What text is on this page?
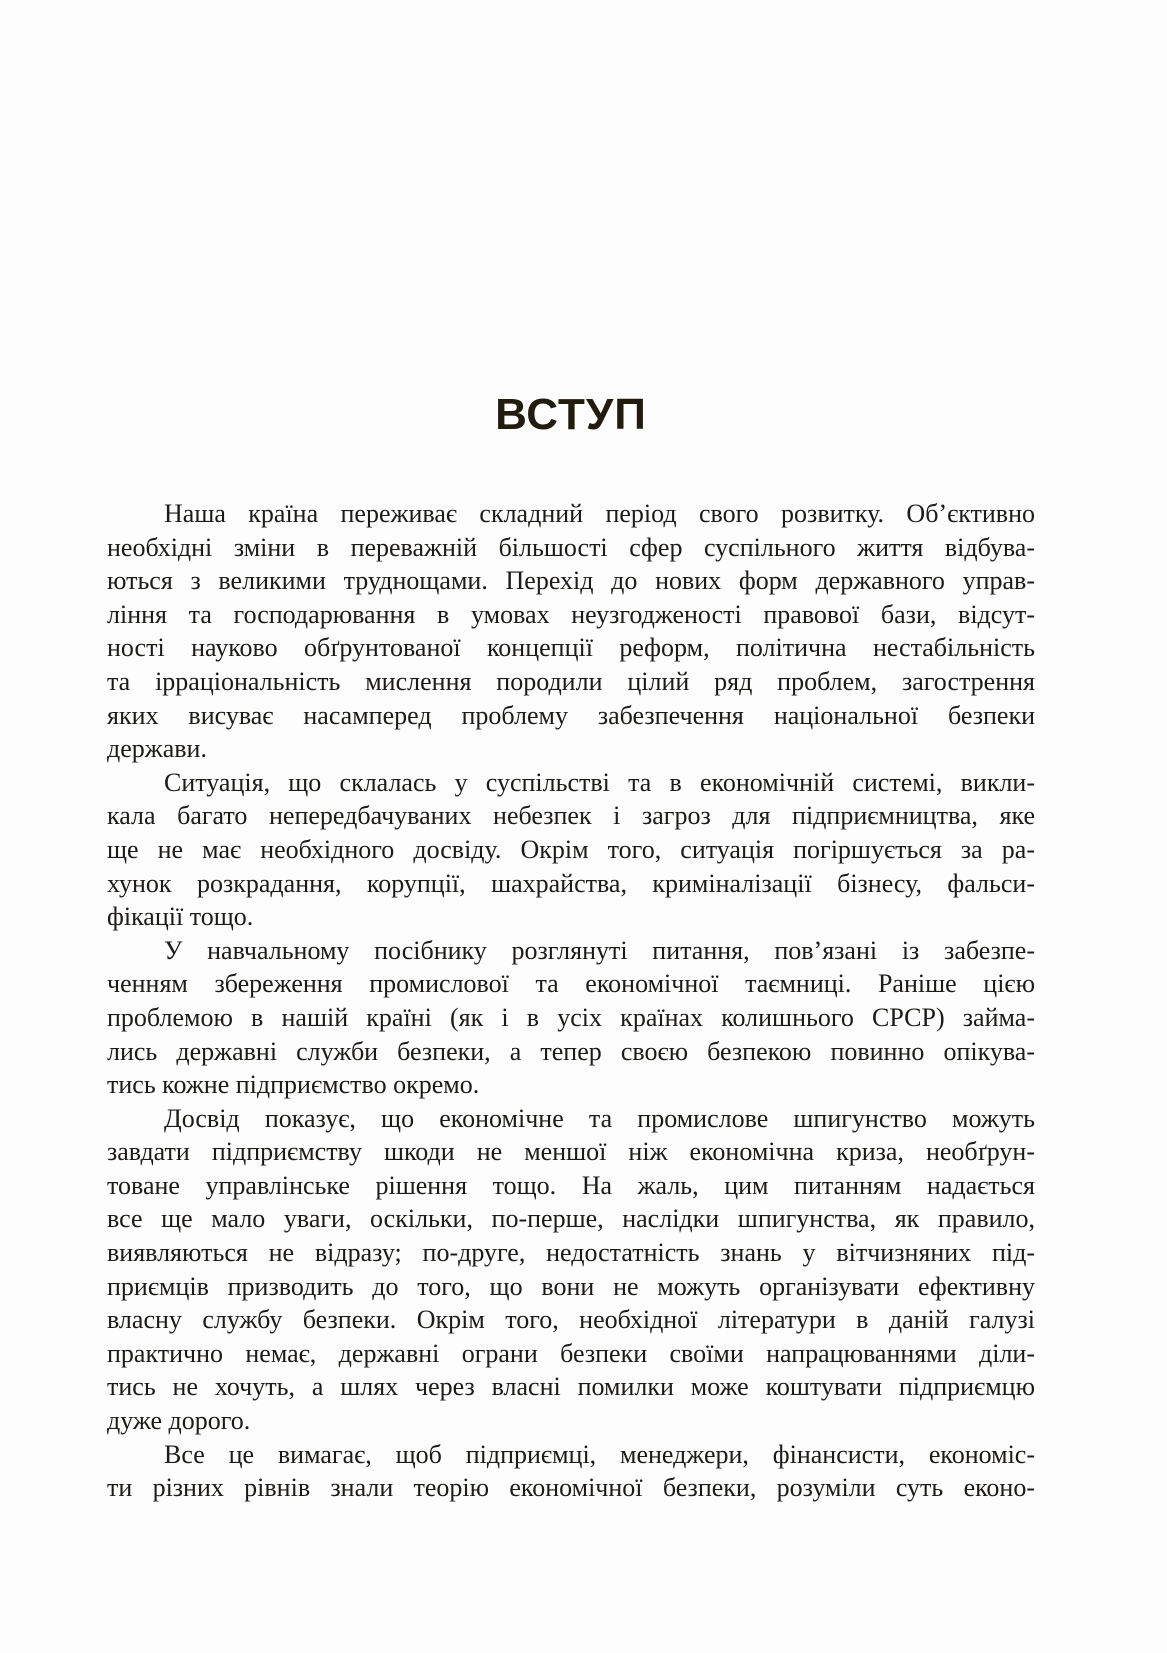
ВСТУП
Наша країна переживає складний період свого розвитку. Об’єктивно
необхідні зміни в переважній більшості сфер суспільного життя відбува-
ються з великими труднощами. Перехід до нових форм державного управ-
ління та господарювання в умовах неузгодженості правової бази, відсут-
ності науково обґрунтованої концепції реформ, політична нестабільність
та ірраціональність мислення породили цілий ряд проблем, загострення
яких висуває насамперед проблему забезпечення національної безпеки
держави.
Ситуація, що склалась у суспільстві та в економічній системі, викли-
кала багато непередбачуваних небезпек і загроз для підприємництва, яке
ще не має необхідного досвіду. Окрім того, ситуація погіршується за ра-
хунок розкрадання, корупції, шахрайства, криміналізації бізнесу, фальси-
фікації тощо.
У навчальному посібнику розглянуті питання, пов’язані із забезпе-
ченням збереження промислової та економічної таємниці. Раніше цією
проблемою в нашій країні (як і в усіх країнах колишнього СРСР) займа-
лись державні служби безпеки, а тепер своєю безпекою повинно опікува-
тись кожне підприємство окремо.
Досвід показує, що економічне та промислове шпигунство можуть
завдати підприємству шкоди не меншої ніж економічна криза, необґрун-
товане управлінське рішення тощо. На жаль, цим питанням надається
все ще мало уваги, оскільки, по-перше, наслідки шпигунства, як правило,
виявляються не відразу; по-друге, недостатність знань у вітчизняних під-
приємців призводить до того, що вони не можуть організувати ефективну
власну службу безпеки. Окрім того, необхідної літератури в даній галузі
практично немає, державні ограни безпеки своїми напрацюваннями діли-
тись не хочуть, а шлях через власні помилки може коштувати підприємцю
дуже дорого.
Все це вимагає, щоб підприємці, менеджери, фінансисти, економіс-
ти різних рівнів знали теорію економічної безпеки, розуміли суть еконо-
